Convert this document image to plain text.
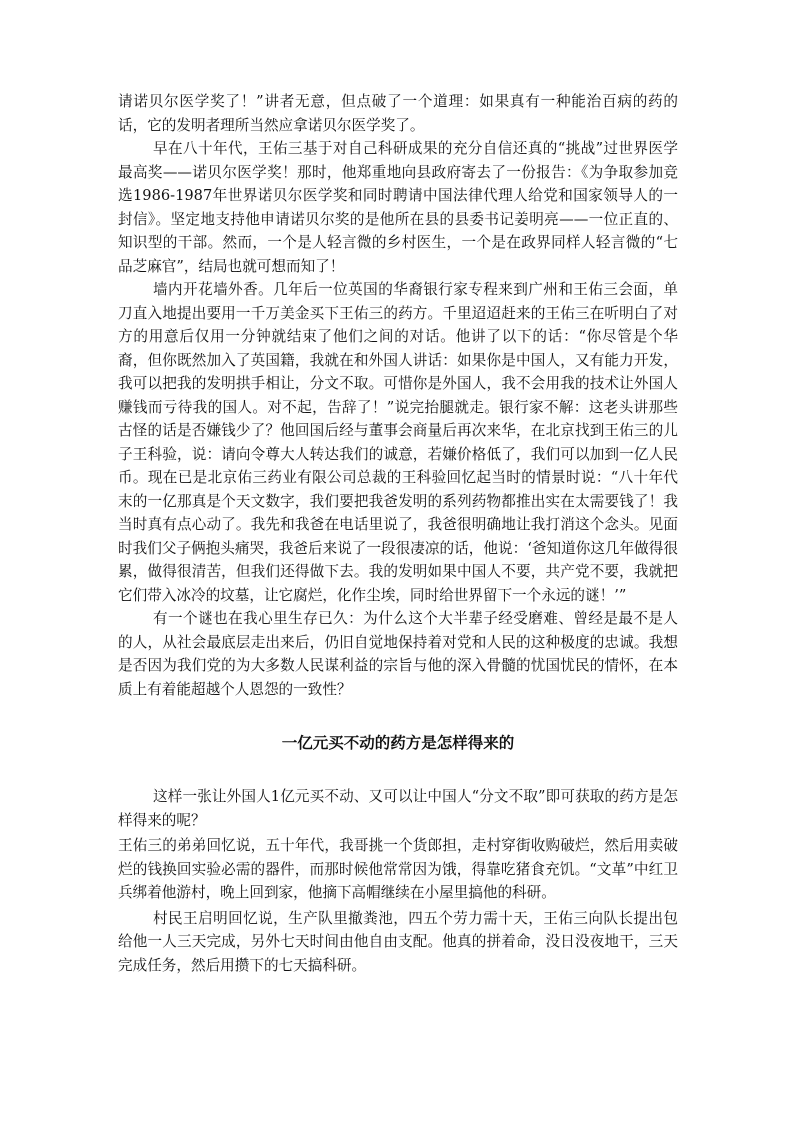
请诺贝尔医学奖了！”讲者无意，但点破了一个道理：如果真有一种能治百病的药的话，它的发明者理所当然应拿诺贝尔医学奖了。

早在八十年代，王佑三基于对自己科研成果的充分自信还真的“挑战”过世界医学最高奖——诺贝尔医学奖！那时，他郑重地向县政府寄去了一份报告：《为争取参加竞选1986-1987年世界诺贝尔医学奖和同时聘请中国法律代理人给党和国家领导人的一封信》。坚定地支持他申请诺贝尔奖的是他所在县的县委书记姜明亮——一位正直的、知识型的干部。然而，一个是人轻言微的乡村医生，一个是在政界同样人轻言微的“七品芝麻官”，结局也就可想而知了！

墙内开花墙外香。几年后一位英国的华裔银行家专程来到广州和王佑三会面，单刀直入地提出要用一千万美金买下王佑三的药方。千里迢迢赶来的王佑三在听明白了对方的用意后仅用一分钟就结束了他们之间的对话。他讲了以下的话：“你尽管是个华裔，但你既然加入了英国籍，我就在和外国人讲话：如果你是中国人，又有能力开发，我可以把我的发明拱手相让，分文不取。可惜你是外国人，我不会用我的技术让外国人赚钱而亏待我的国人。对不起，告辞了！”说完抬腿就走。银行家不解：这老头讲那些古怪的话是否嫌钱少了？他回国后经与董事会商量后再次来华，在北京找到王佑三的儿子王科验，说：请向令尊大人转达我们的诚意，若嫌价格低了，我们可以加到一亿人民币。现在已是北京佑三药业有限公司总裁的王科验回忆起当时的情景时说：“八十年代末的一亿那真是个天文数字，我们要把我爸发明的系列药物都推出实在太需要钱了！我当时真有点心动了。我先和我爸在电话里说了，我爸很明确地让我打消这个念头。见面时我们父子俩抱头痛哭，我爸后来说了一段很凄凉的话，他说：‘爸知道你这几年做得很累，做得很清苦，但我们还得做下去。我的发明如果中国人不要，共产党不要，我就把它们带入冰冷的坟墓，让它腐烂，化作尘埃，同时给世界留下一个永远的谜！’”

有一个谜也在我心里生存已久：为什么这个大半辈子经受磨难、曾经是最不是人的人，从社会最底层走出来后，仍旧自觉地保持着对党和人民的这种极度的忠诚。我想是否因为我们党的为大多数人民谋利益的宗旨与他的深入骨髓的忧国忧民的情怀，在本质上有着能超越个人恩怨的一致性？

一亿元买不动的药方是怎样得来的

这样一张让外国人1亿元买不动、又可以让中国人“分文不取”即可获取的药方是怎样得来的呢？

王佑三的弟弟回忆说，五十年代，我哥挑一个货郎担，走村穿街收购破烂，然后用卖破烂的钱换回实验必需的器件，而那时候他常常因为饿，得靠吃猪食充饥。“文革”中红卫兵绑着他游村，晚上回到家，他摘下高帽继续在小屋里搞他的科研。

村民王启明回忆说，生产队里撤粪池，四五个劳力需十天，王佑三向队长提出包给他一人三天完成，另外七天时间由他自由支配。他真的拼着命，没日没夜地干，三天完成任务，然后用攒下的七天搞科研。
